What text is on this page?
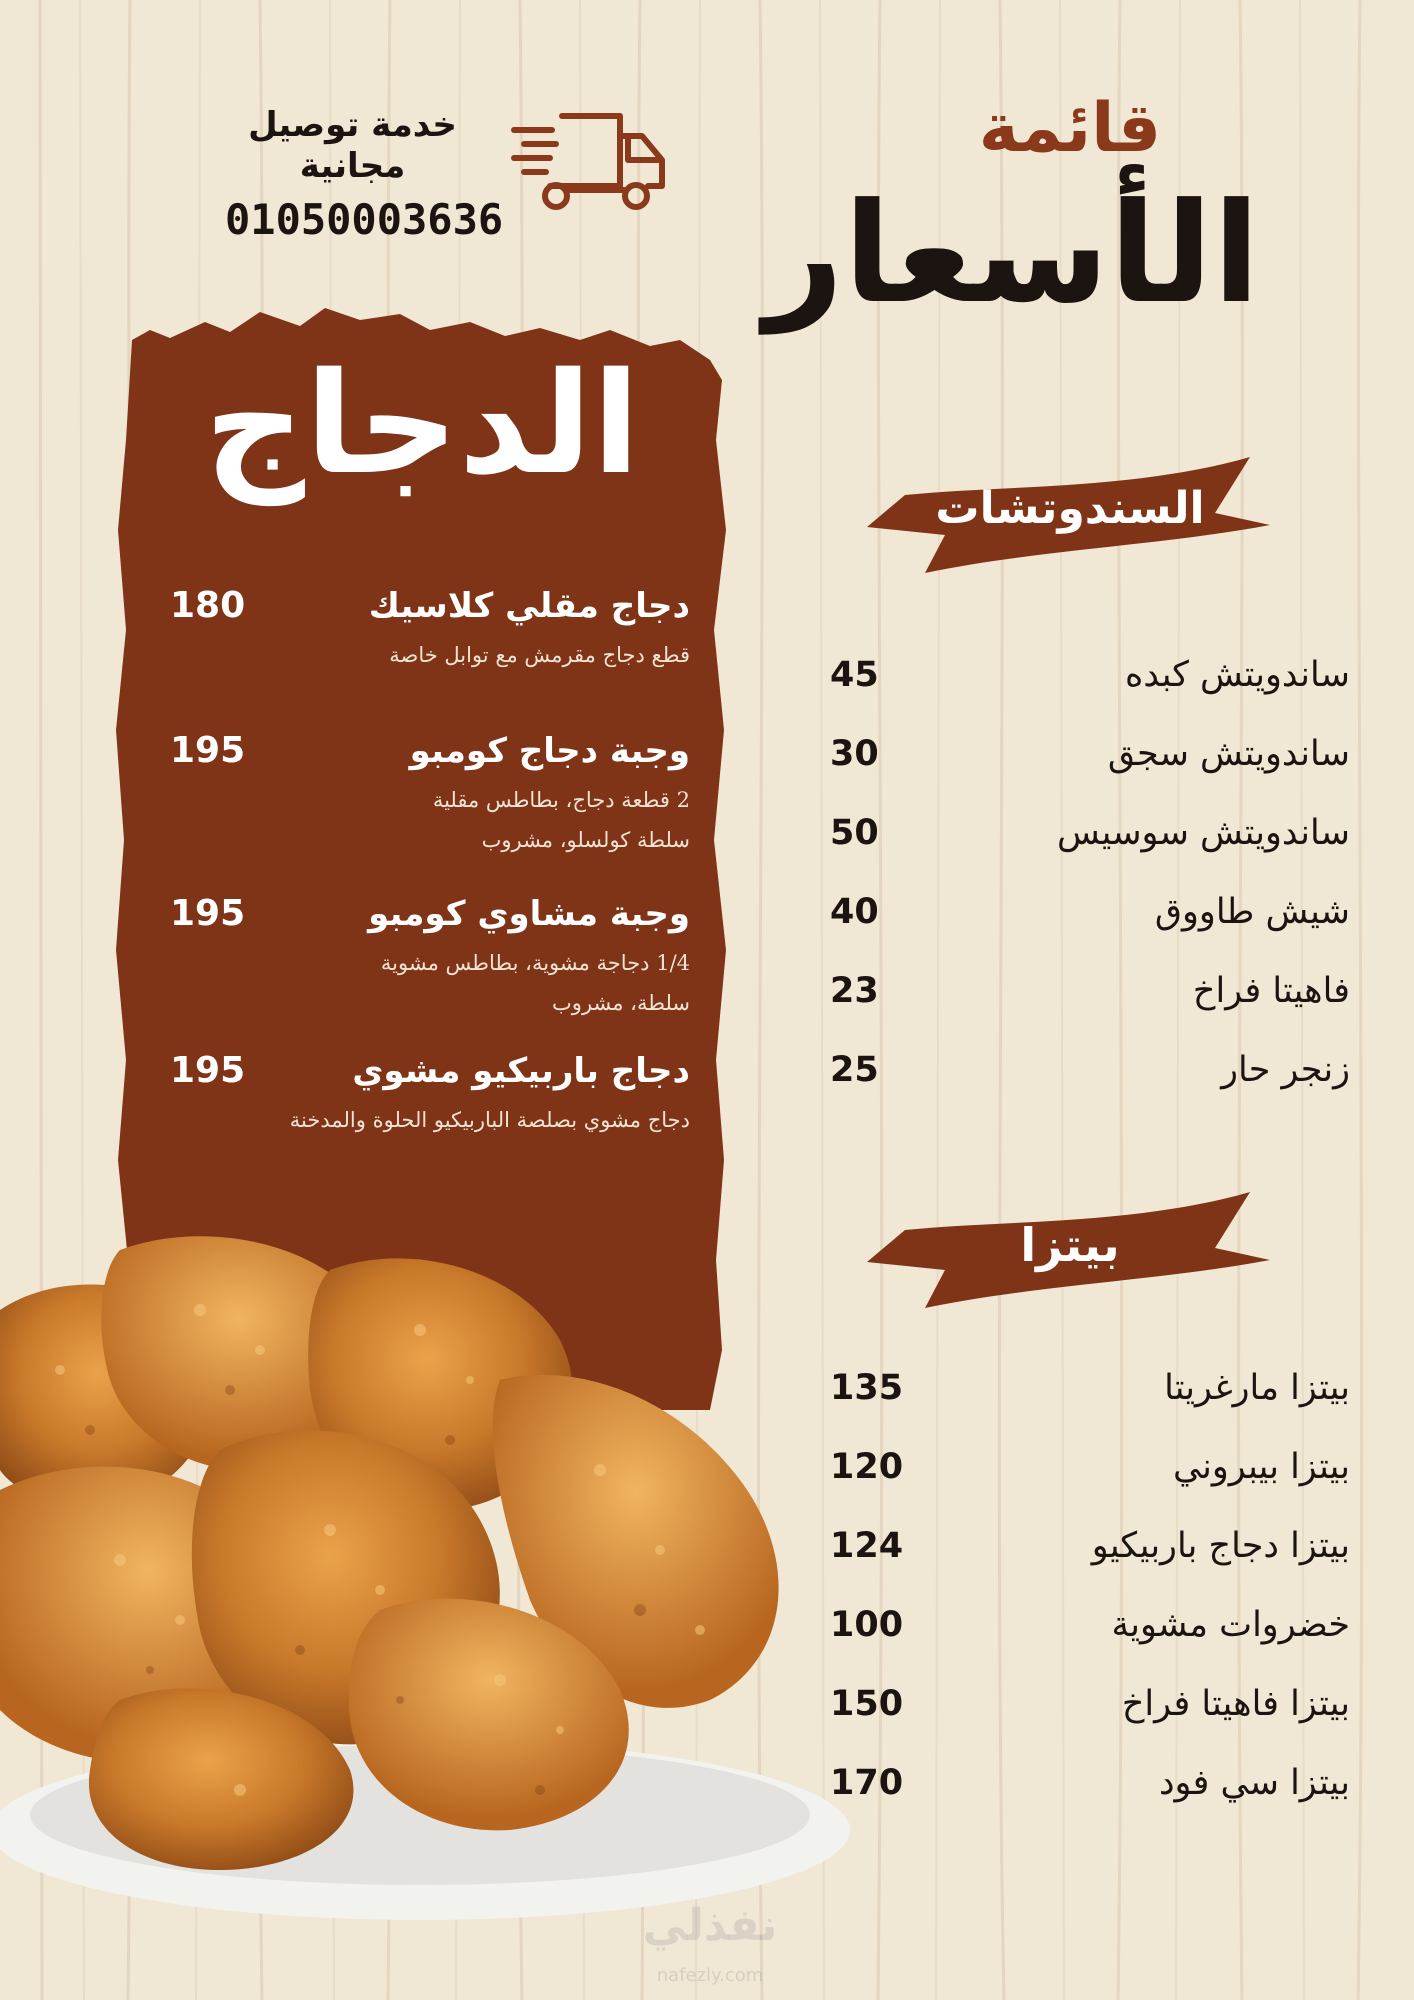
قائمة
الأسعار
خدمة توصيل مجانية
01050003636
الدجاج
دجاج مقلي كلاسيك
180
قطع دجاج مقرمش مع توابل خاصة
وجبة دجاج كومبو
195
2 قطعة دجاج، بطاطس مقلية
سلطة كولسلو، مشروب
وجبة مشاوي كومبو
195
1/4 دجاجة مشوية، بطاطس مشوية
سلطة، مشروب
دجاج باربيكيو مشوي
195
دجاج مشوي بصلصة الباربيكيو الحلوة والمدخنة
السندوتشات
ساندويتش كبده
45
ساندويتش سجق
30
ساندويتش سوسيس
50
شيش طاووق
40
فاهيتا فراخ
23
زنجر حار
25
بيتزا
بيتزا مارغريتا
135
بيتزا بيبروني
120
بيتزا دجاج باربيكيو
124
خضروات مشوية
100
بيتزا فاهيتا فراخ
150
بيتزا سي فود
170
نفذلي
nafezly.com
